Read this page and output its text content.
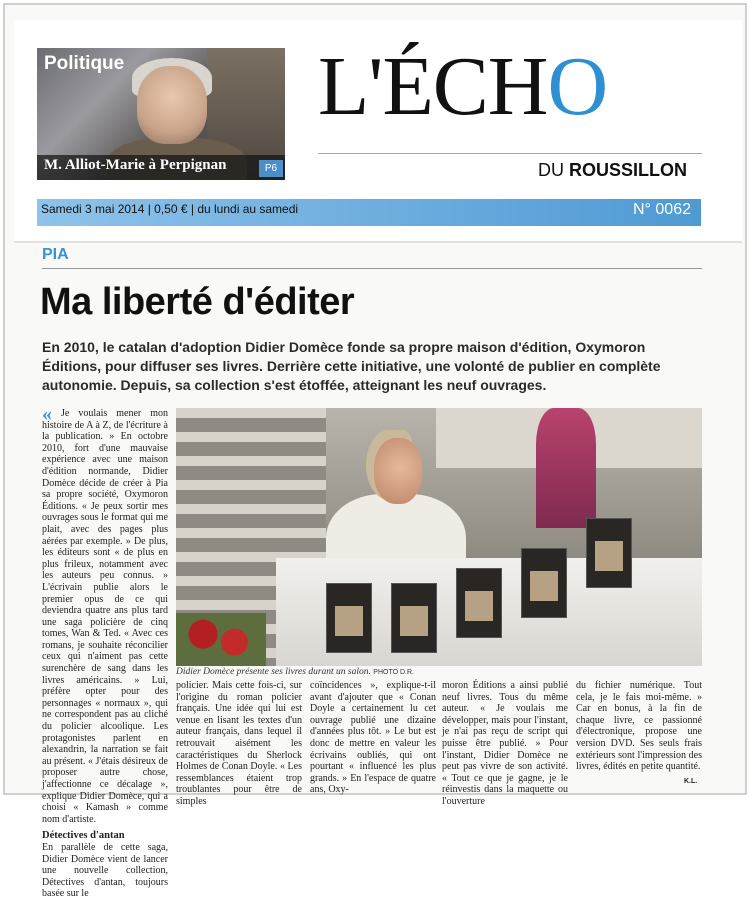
Politique
M. Alliot-Marie à Perpignan	P6
L'ÉCHO
DU ROUSSILLON
Samedi 3 mai 2014 | 0,50 € | du lundi au samedi	N° 0062
PIA
Ma liberté d'éditer
En 2010, le catalan d'adoption Didier Domèce fonde sa propre maison d'édition, Oxymoron Éditions, pour diffuser ses livres. Derrière cette initiative, une volonté de publier en complète autonomie. Depuis, sa collection s'est étoffée, atteignant les neuf ouvrages.
« Je voulais mener mon histoire de A à Z, de l'écriture à la publication. » En octobre 2010, fort d'une mauvaise expérience avec une maison d'édition normande, Didier Domèce décide de créer à Pia sa propre société, Oxymoron Éditions. « Je peux sortir mes ouvrages sous le format qui me plait, avec des pages plus aérées par exemple. » De plus, les éditeurs sont « de plus en plus frileux, notamment avec les auteurs peu connus. » L'écrivain publie alors le premier opus de ce qui deviendra quatre ans plus tard une saga policière de cinq tomes, Wan & Ted. « Avec ces romans, je souhaite réconcilier ceux qui n'aiment pas cette surenchère de sang dans les livres américains. » Lui, préfère opter pour des personnages « normaux », qui ne correspondent pas au cliché du policier alcoolique. Les protagonistes parlent en alexandrin, la narration se fait au présent. « J'étais désireux de proposer autre chose, j'affectionne ce décalage », explique Didier Domèce, qui a choisi « Kamash » comme nom d'artiste.
Détectives d'antan
En parallèle de cette saga, Didier Domèce vient de lancer une nouvelle collection, Détectives d'antan, toujours basée sur le
Didier Domèce présente ses livres durant un salon. PHOTO D.R.
policier. Mais cette fois-ci, sur l'origine du roman policier français. Une idée qui lui est venue en lisant les textes d'un auteur français, dans lequel il retrouvait aisément les caractéristiques du Sherlock Holmes de Conan Doyle. « Les ressemblances étaient trop troublantes pour être de simples
coïncidences », explique-t-il avant d'ajouter que « Conan Doyle a certainement lu cet ouvrage publié une dizaine d'années plus tôt. » Le but est donc de mettre en valeur les écrivains oubliés, qui ont pourtant « influencé les plus grands. » En l'espace de quatre ans, Oxy-
moron Éditions a ainsi publié neuf livres. Tous du même auteur. « Je voulais me développer, mais pour l'instant, je n'ai pas reçu de script qui puisse être publié. » Pour l'instant, Didier Domèce ne peut pas vivre de son activité. « Tout ce que je gagne, je le réinvestis dans la maquette ou l'ouverture
du fichier numérique. Tout cela, je le fais moi-même. » Car en bonus, à la fin de chaque livre, ce passionné d'électronique, propose une version DVD. Ses seuls frais extérieurs sont l'impression des livres, édités en petite quantité.
K.L.
